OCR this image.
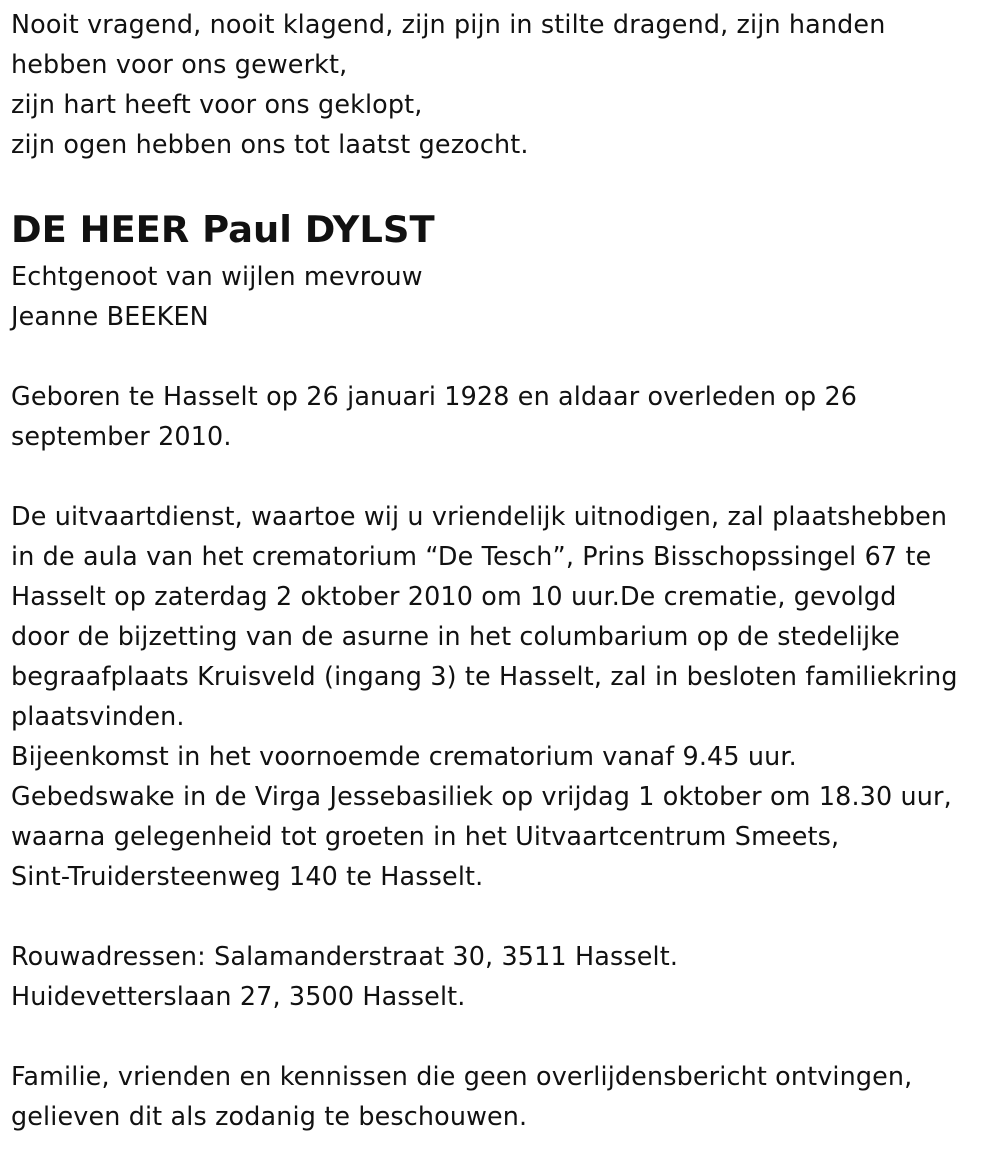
Nooit vragend, nooit klagend, zijn pijn in stilte dragend, zijn handen
hebben voor ons gewerkt,
zijn hart heeft voor ons geklopt,
zijn ogen hebben ons tot laatst gezocht.
DE HEER Paul DYLST
Echtgenoot van wijlen mevrouw
Jeanne BEEKEN
Geboren te Hasselt op 26 januari 1928 en aldaar overleden op 26
september 2010.
De uitvaartdienst, waartoe wij u vriendelijk uitnodigen, zal plaatshebben
in de aula van het crematorium “De Tesch”, Prins Bisschopssingel 67 te
Hasselt op zaterdag 2 oktober 2010 om 10 uur.De crematie, gevolgd
door de bijzetting van de asurne in het columbarium op de stedelijke
begraafplaats Kruisveld (ingang 3) te Hasselt, zal in besloten familiekring
plaatsvinden.
Bijeenkomst in het voornoemde crematorium vanaf 9.45 uur.
Gebedswake in de Virga Jessebasiliek op vrijdag 1 oktober om 18.30 uur,
waarna gelegenheid tot groeten in het Uitvaartcentrum Smeets,
Sint-Truidersteenweg 140 te Hasselt.
Rouwadressen: Salamanderstraat 30, 3511 Hasselt.
Huidevetterslaan 27, 3500 Hasselt.
Familie, vrienden en kennissen die geen overlijdensbericht ontvingen,
gelieven dit als zodanig te beschouwen.
